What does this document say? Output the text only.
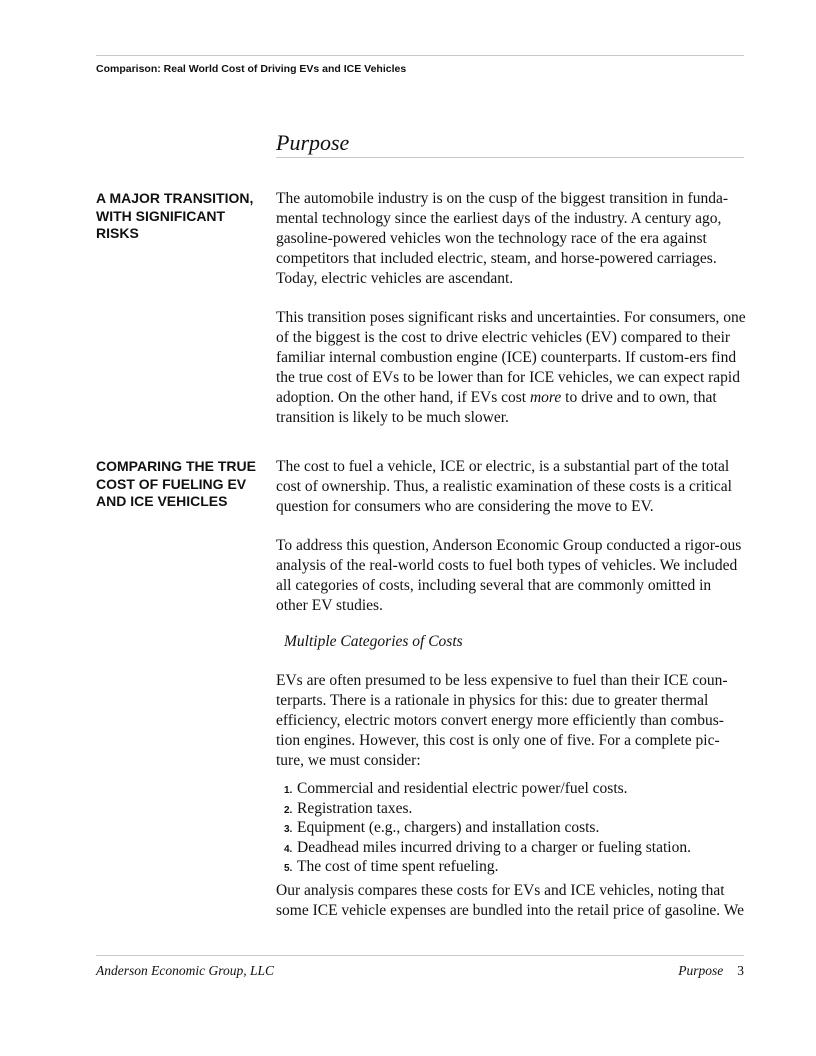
Comparison: Real World Cost of Driving EVs and ICE Vehicles
Purpose
A MAJOR TRANSITION, WITH SIGNIFICANT RISKS

The automobile industry is on the cusp of the biggest transition in funda-mental technology since the earliest days of the industry. A century ago, gasoline-powered vehicles won the technology race of the era against competitors that included electric, steam, and horse-powered carriages. Today, electric vehicles are ascendant.

This transition poses significant risks and uncertainties. For consumers, one of the biggest is the cost to drive electric vehicles (EV) compared to their familiar internal combustion engine (ICE) counterparts. If custom-ers find the true cost of EVs to be lower than for ICE vehicles, we can expect rapid adoption. On the other hand, if EVs cost more to drive and to own, that transition is likely to be much slower.

COMPARING THE TRUE COST OF FUELING EV AND ICE VEHICLES

The cost to fuel a vehicle, ICE or electric, is a substantial part of the total cost of ownership. Thus, a realistic examination of these costs is a critical question for consumers who are considering the move to EV.

To address this question, Anderson Economic Group conducted a rigor-ous analysis of the real-world costs to fuel both types of vehicles. We included all categories of costs, including several that are commonly omitted in other EV studies.

Multiple Categories of Costs

EVs are often presumed to be less expensive to fuel than their ICE coun-terparts. There is a rationale in physics for this: due to greater thermal efficiency, electric motors convert energy more efficiently than combus-tion engines. However, this cost is only one of five. For a complete pic-ture, we must consider:

1. Commercial and residential electric power/fuel costs.
2. Registration taxes.
3. Equipment (e.g., chargers) and installation costs.
4. Deadhead miles incurred driving to a charger or fueling station.
5. The cost of time spent refueling.

Our analysis compares these costs for EVs and ICE vehicles, noting that some ICE vehicle expenses are bundled into the retail price of gasoline. We

Anderson Economic Group, LLC	Purpose 3
